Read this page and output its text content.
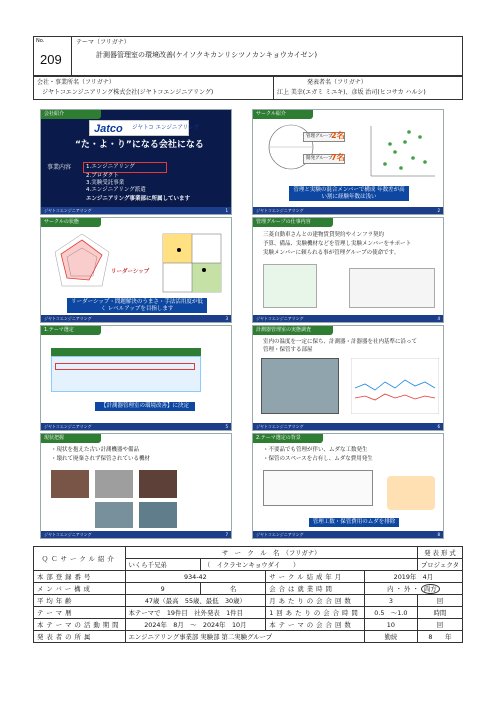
No.
209
テーマ（フリガナ）
計測器管理室の環境改善(ケイソクキカンリシツノカンキョウカイゼン)
会社・事業所名（フリガナ）
ジヤトコエンジニアリング株式会社(ジヤトコエンジニアリング)
発表者名（フリガナ）
江上 美幸(エガミ ミユキ)、彦坂 治司(ヒコサカ ハルシ)
会社紹介
Jatco ジヤトコ エンジニアリング
“た・よ・り”になる会社になる
事業内容	1.エンジニアリング
2.プロダクト
3.実験受託事業
4.エンジニアリング派遣
エンジニアリング事業部に所属しています
ジヤトコエンジニアリング	1
サークル紹介
管理グループ
2名
開発グループ
7名
管理と実験の混合メンバーで構成 年数差が高い割に経験年数は浅い
ジヤトコエンジニアリング	2
サークルの状態
リーダーシップ
リーダーシップ・問題解決のうまさ・手法活用度が低く レベルアップを目指します
ジヤトコエンジニアリング	3
管理グループの仕事内容
三菱自動車さんとの建物賃貸契約やインフラ契約
予算、備品、実験機材などを管理し実験メンバーをサポート
実験メンバーに頼られる事が管理グループの使命です。
ジヤトコエンジニアリング	4
1.テーマ選定
【計測器管理室の環境改善】に決定
ジヤトコエンジニアリング	5
計測器管理室の実態調査
室内の温度を一定に保ち、計測器・計器器を社内基準に沿って
管理・保管する部屋
ジヤトコエンジニアリング	6
現状把握
・現状を抱えた古い計測機器や備品
・壊れて廃棄されず保管されている機材
ジヤトコエンジニアリング	7
2.テーマ選定の背景
・不要品でも管理が伴い、ムダな工数発生
・保管のスペースを占有し、ムダな費用発生
管理工数・保管費用のムダを排除
ジヤトコエンジニアリング	8
ＱＣサークル紹介	サ　ー　ク　ル　名　（フリガナ）				発 表 形 式
	いくら千兄弟	（　イクラセンキョウダイ　　）			プロジェクタ
本部登録番号	934-42		サークル結成年月	2019年　4月	
メンバー構成	9	名	会合は就業時間	内 ・ 外 ・ 両方	
平均年齢	47歳（最高　55歳、最低　30歳）		月あたりの会合回数	3	回
テーマ暦	本テーマで　19件目　社外発表　1件目		1回あたりの会合時間	0.5　～1.0	時間
本テーマの活動期間	2024年　8月　～　2024年　10月		本テーマの会合回数	10	回
発表者の所属	エンジニアリング事業部 実験部 第二実験グループ			勤続	8　　 年
